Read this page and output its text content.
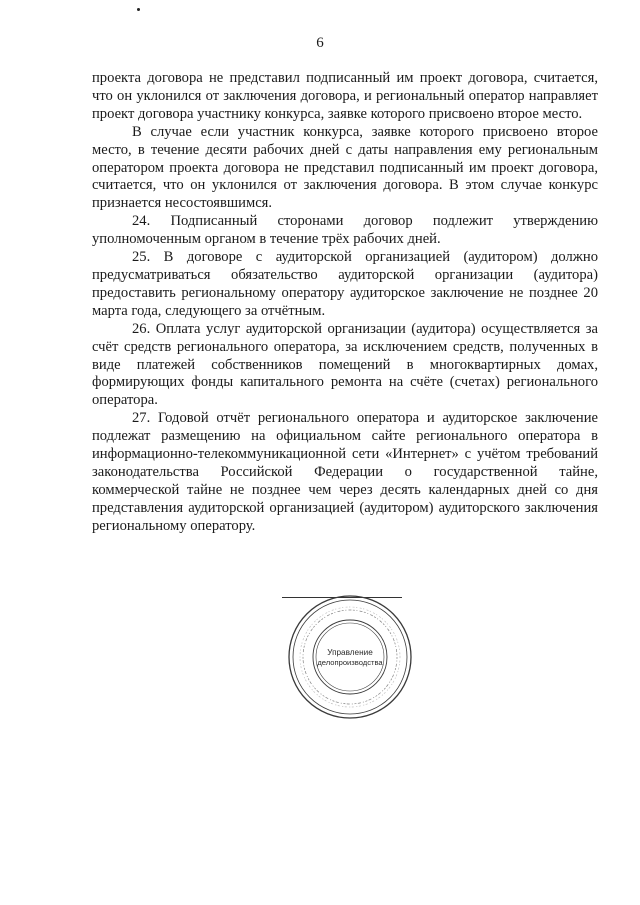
6

проекта договора не представил подписанный им проект договора, считается, что он уклонился от заключения договора, и региональный оператор направляет проект договора участнику конкурса, заявке которого присвоено второе место.

В случае если участник конкурса, заявке которого присвоено второе место, в течение десяти рабочих дней с даты направления ему региональным оператором проекта договора не представил подписанный им проект договора, считается, что он уклонился от заключения договора. В этом случае конкурс признается несостоявшимся.

24. Подписанный сторонами договор подлежит утверждению уполномоченным органом в течение трёх рабочих дней.

25. В договоре с аудиторской организацией (аудитором) должно предусматриваться обязательство аудиторской организации (аудитора) предоставить региональному оператору аудиторское заключение не позднее 20 марта года, следующего за отчётным.

26. Оплата услуг аудиторской организации (аудитора) осуществляется за счёт средств регионального оператора, за исключением средств, полученных в виде платежей собственников помещений в многоквартирных домах, формирующих фонды капитального ремонта на счёте (счетах) регионального оператора.

27. Годовой отчёт регионального оператора и аудиторское заключение подлежат размещению на официальном сайте регионального оператора в информационно-телекоммуникационной сети «Интернет» с учётом требований законодательства Российской Федерации о государственной тайне, коммерческой тайне не позднее чем через десять календарных дней со дня представления аудиторской организацией (аудитором) аудиторского заключения региональному оператору.

Управление
делопроизводства
